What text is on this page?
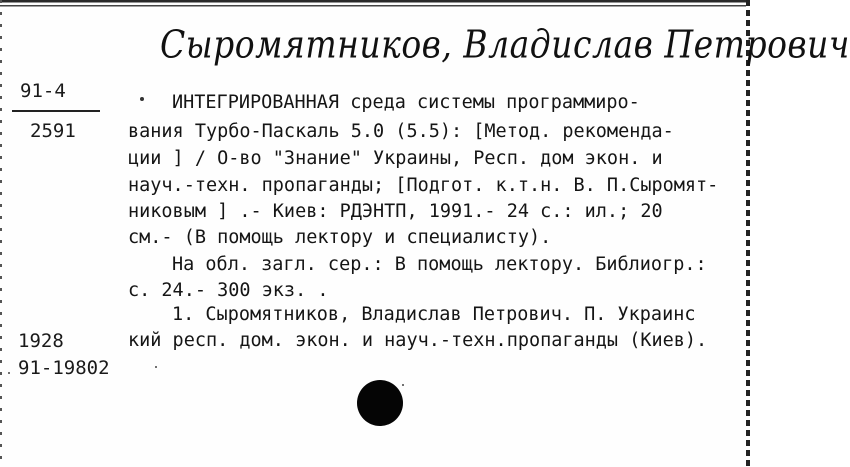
Сыромятников, Владислав Петрович
91-4
2591
ИНТЕГРИРОВАННАЯ среда системы программиро-
вания Турбо-Паскаль 5.0 (5.5): [Метод. рекоменда-
ции ] / О-во "Знание" Украины, Респ. дом экон. и
науч.-техн. пропаганды; [Подгот. к.т.н. В. П.Сыромят-
никовым ] .- Киев: РДЭНТП, 1991.- 24 с.: ил.; 20
см.- (В помощь лектору и специалисту).
На обл. загл. сер.: В помощь лектору. Библиогр.:
с. 24.- 300 экз. .
1. Сыромятников, Владислав Петрович. П. Украинс
кий респ. дом. экон. и науч.-техн.пропаганды (Киев).
1928
91-19802
